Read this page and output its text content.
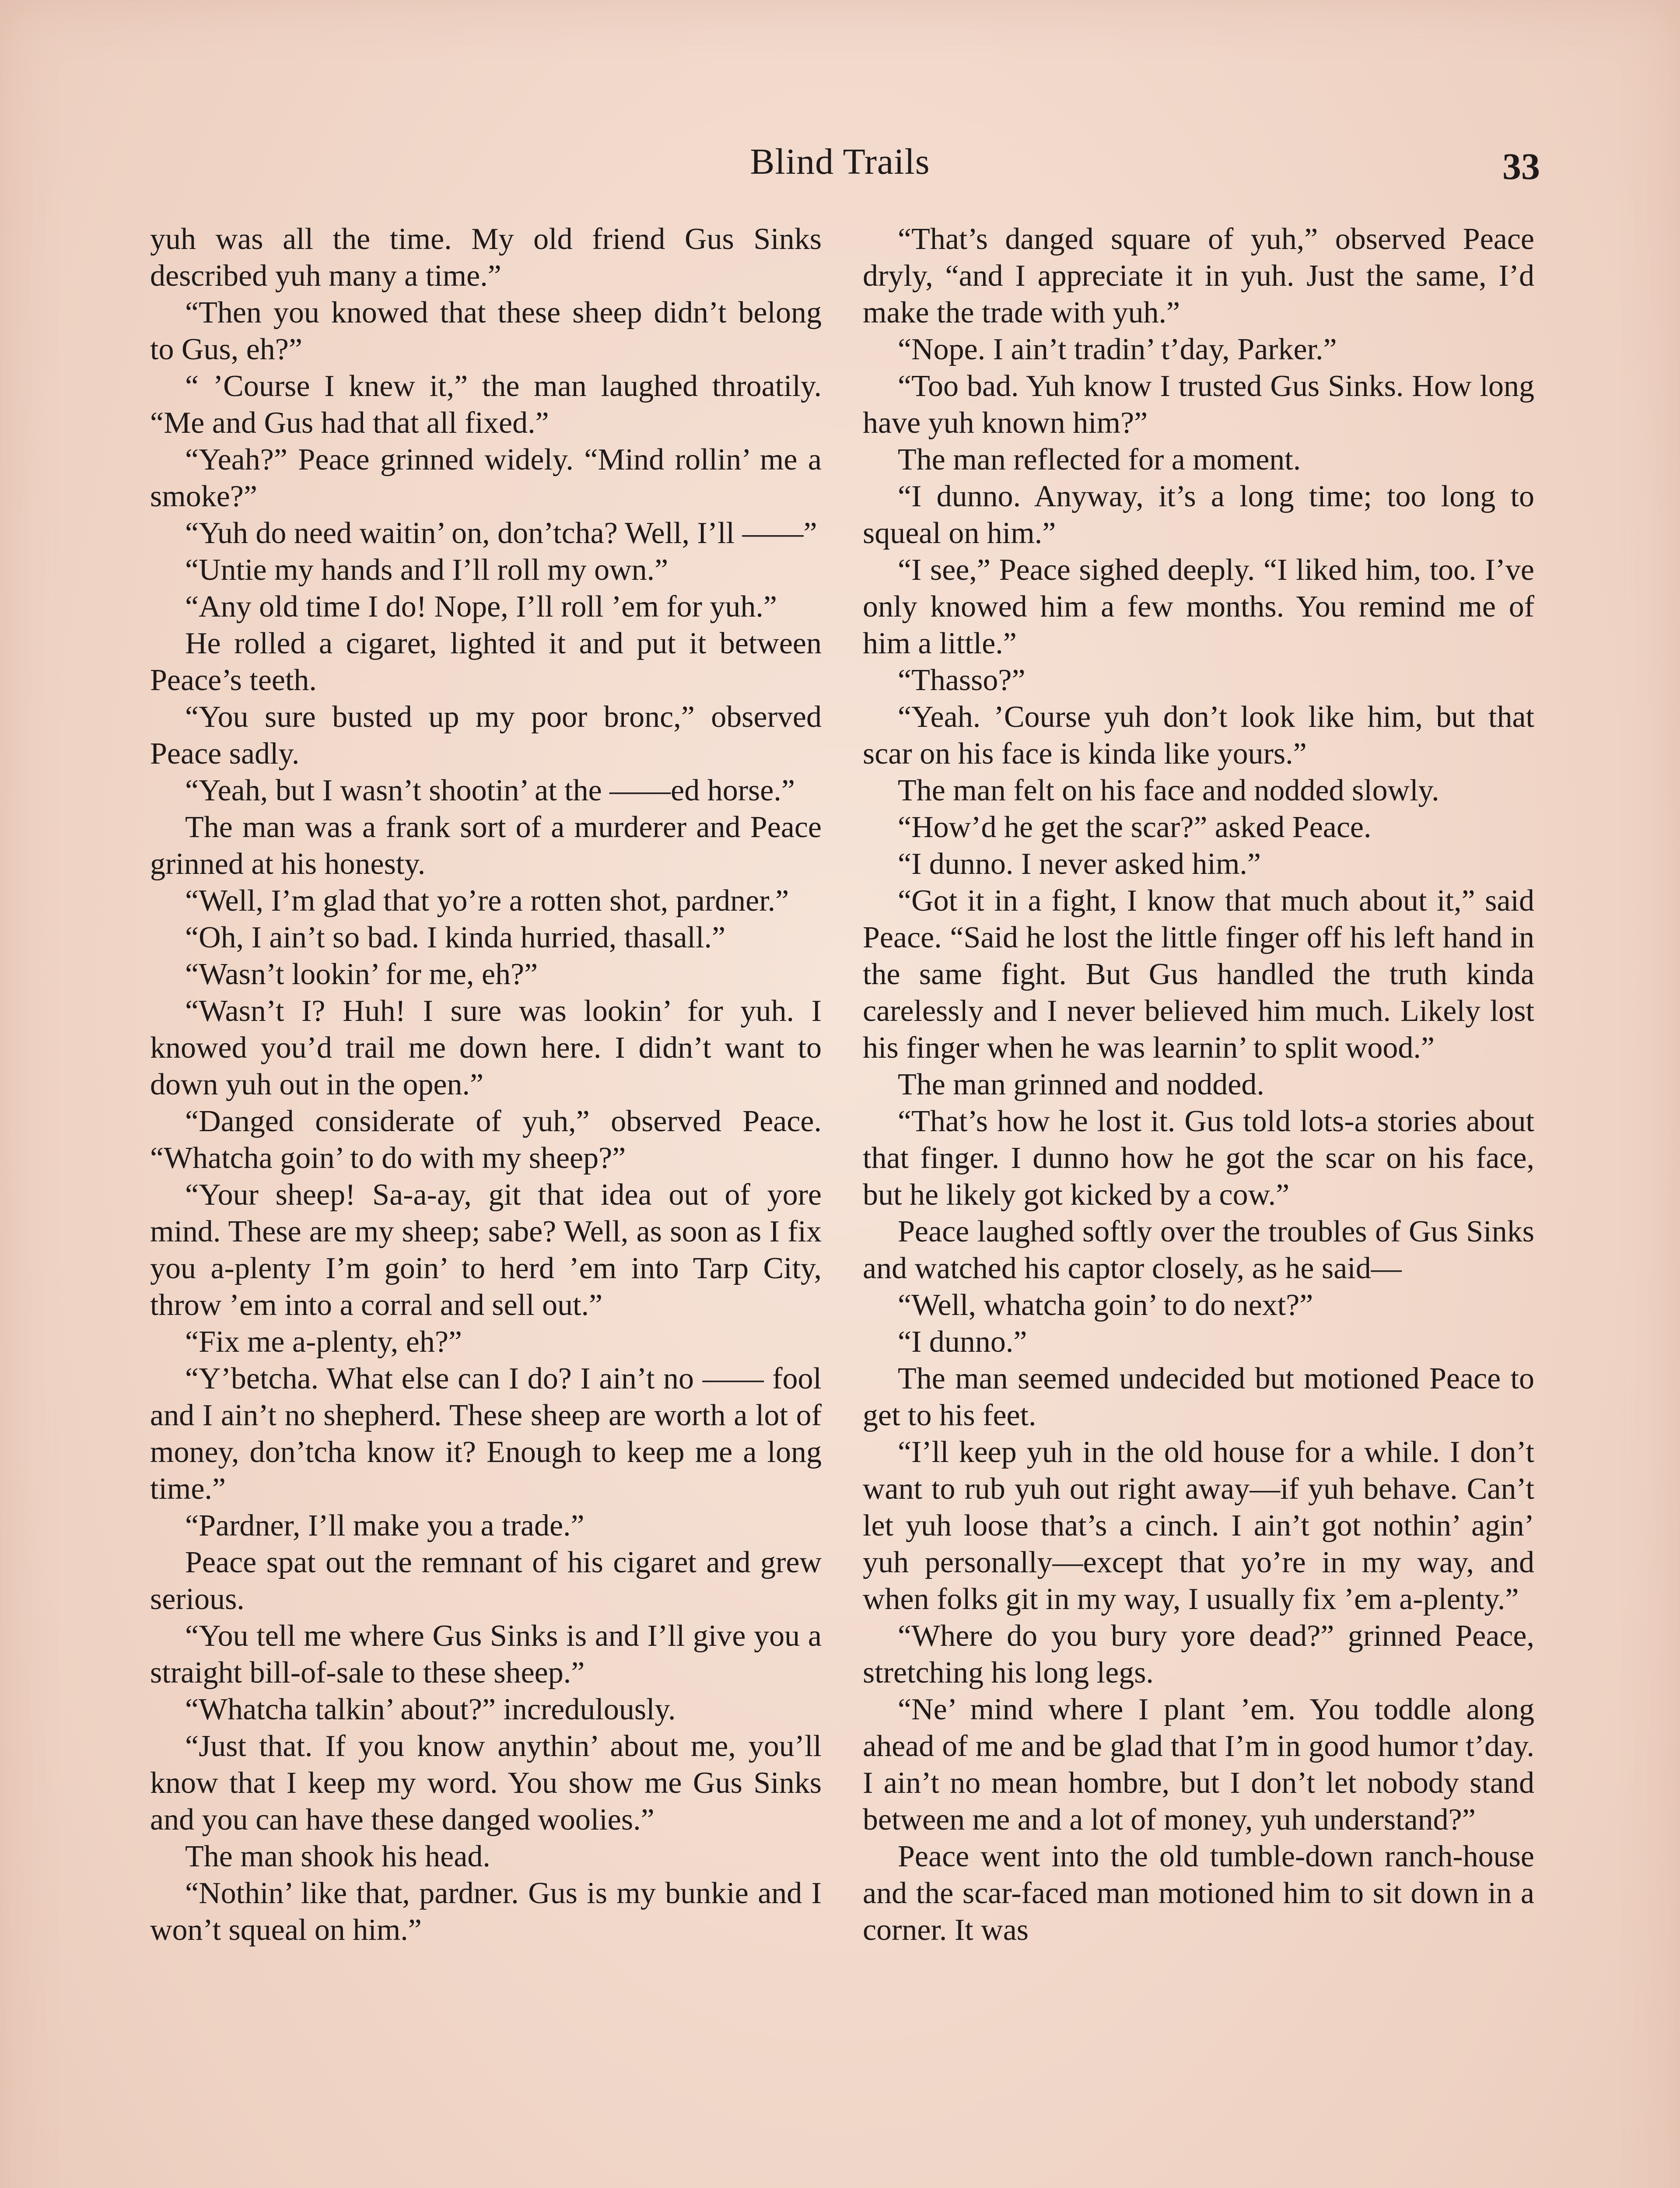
Blind Trails	33

yuh was all the time. My old friend Gus Sinks described yuh many a time.”

“Then you knowed that these sheep didn’t belong to Gus, eh?”

“ ’Course I knew it,” the man laughed throatily. “Me and Gus had that all fixed.”

“Yeah?” Peace grinned widely. “Mind rollin’ me a smoke?”

“Yuh do need waitin’ on, don’tcha? Well, I’ll ——”

“Untie my hands and I’ll roll my own.”

“Any old time I do! Nope, I’ll roll ’em for yuh.”

He rolled a cigaret, lighted it and put it between Peace’s teeth.

“You sure busted up my poor bronc,” observed Peace sadly.

“Yeah, but I wasn’t shootin’ at the ——ed horse.”

The man was a frank sort of a murderer and Peace grinned at his honesty.

“Well, I’m glad that yo’re a rotten shot, pardner.”

“Oh, I ain’t so bad. I kinda hurried, thasall.”

“Wasn’t lookin’ for me, eh?”

“Wasn’t I? Huh! I sure was lookin’ for yuh. I knowed you’d trail me down here. I didn’t want to down yuh out in the open.”

“Danged considerate of yuh,” observed Peace. “Whatcha goin’ to do with my sheep?”

“Your sheep! Sa-a-ay, git that idea out of yore mind. These are my sheep; sabe? Well, as soon as I fix you a-plenty I’m goin’ to herd ’em into Tarp City, throw ’em into a corral and sell out.”

“Fix me a-plenty, eh?”

“Y’betcha. What else can I do? I ain’t no —— fool and I ain’t no shepherd. These sheep are worth a lot of money, don’tcha know it? Enough to keep me a long time.”

“Pardner, I’ll make you a trade.”

Peace spat out the remnant of his cigaret and grew serious.

“You tell me where Gus Sinks is and I’ll give you a straight bill-of-sale to these sheep.”

“Whatcha talkin’ about?” incredulously.

“Just that. If you know anythin’ about me, you’ll know that I keep my word. You show me Gus Sinks and you can have these danged woolies.”

The man shook his head.

“Nothin’ like that, pardner. Gus is my bunkie and I won’t squeal on him.”

“That’s danged square of yuh,” observed Peace dryly, “and I appreciate it in yuh. Just the same, I’d make the trade with yuh.”

“Nope. I ain’t tradin’ t’day, Parker.”

“Too bad. Yuh know I trusted Gus Sinks. How long have yuh known him?”

The man reflected for a moment.

“I dunno. Anyway, it’s a long time; too long to squeal on him.”

“I see,” Peace sighed deeply. “I liked him, too. I’ve only knowed him a few months. You remind me of him a little.”

“Thasso?”

“Yeah. ’Course yuh don’t look like him, but that scar on his face is kinda like yours.”

The man felt on his face and nodded slowly.

“How’d he get the scar?” asked Peace.

“I dunno. I never asked him.”

“Got it in a fight, I know that much about it,” said Peace. “Said he lost the little finger off his left hand in the same fight. But Gus handled the truth kinda carelessly and I never believed him much. Likely lost his finger when he was learnin’ to split wood.”

The man grinned and nodded.

“That’s how he lost it. Gus told lots-a stories about that finger. I dunno how he got the scar on his face, but he likely got kicked by a cow.”

Peace laughed softly over the troubles of Gus Sinks and watched his captor closely, as he said—

“Well, whatcha goin’ to do next?”

“I dunno.”

The man seemed undecided but motioned Peace to get to his feet.

“I’ll keep yuh in the old house for a while. I don’t want to rub yuh out right away—if yuh behave. Can’t let yuh loose that’s a cinch. I ain’t got nothin’ agin’ yuh personally—except that yo’re in my way, and when folks git in my way, I usually fix ’em a-plenty.”

“Where do you bury yore dead?” grinned Peace, stretching his long legs.

“Ne’ mind where I plant ’em. You toddle along ahead of me and be glad that I’m in good humor t’day. I ain’t no mean hombre, but I don’t let nobody stand between me and a lot of money, yuh understand?”

Peace went into the old tumble-down ranch-house and the scar-faced man motioned him to sit down in a corner. It was
